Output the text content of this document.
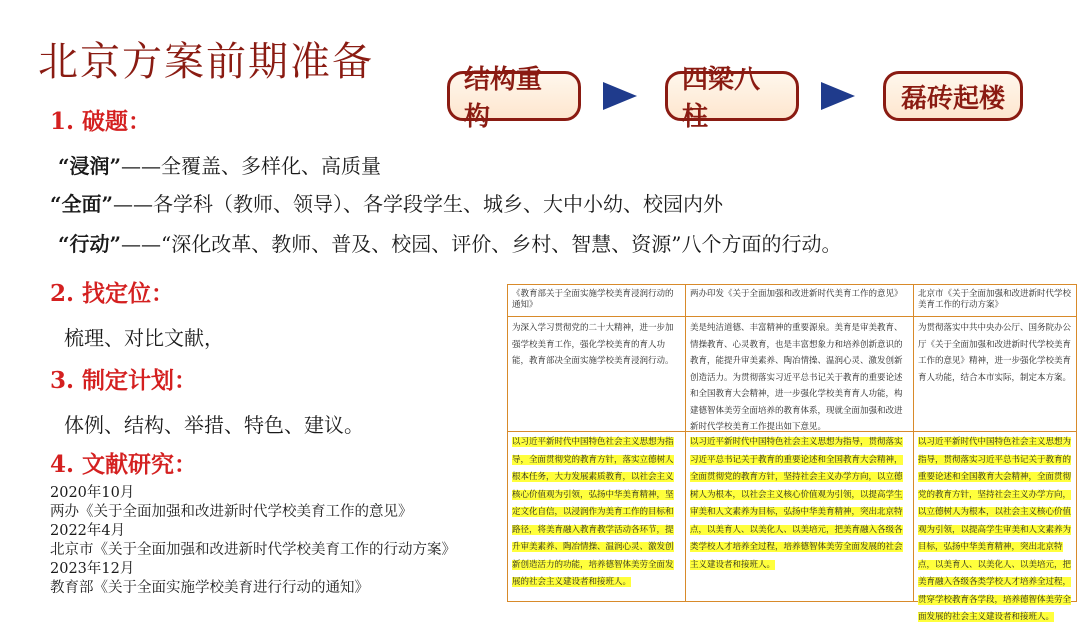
北京方案前期准备	结构重构
四梁八柱
磊砖起楼
1. 破题：
“浸润”——全覆盖、多样化、高质量
“全面”——各学科（教师、领导）、各学段学生、城乡、大中小幼、校园内外
“行动”——“深化改革、教师、普及、校园、评价、乡村、智慧、资源”八个方面的行动。
2. 找定位：
梳理、对比文献，
3. 制定计划：
体例、结构、举措、特色、建议。
4. 文献研究：
2020年10月
两办《关于全面加强和改进新时代学校美育工作的意见》
2022年4月
北京市《关于全面加强和改进新时代学校美育工作的行动方案》
2023年12月
教育部《关于全面实施学校美育进行行动的通知》
《教育部关于全面实施学校美育浸润行动的通知》
为深入学习贯彻党的二十大精神，进一步加强学校美育工作，强化学校美育的育人功能，教育部决全面实施学校美育浸润行动。
以习近平新时代中国特色社会主义思想为指导，全面贯彻党的教育方针，落实立德树人根本任务，大力发展素质教育，以社会主义核心价值观为引领，弘扬中华美育精神，坚定文化自信，以浸润作为美育工作的目标和路径，将美育融入教育教学活动各环节，提升审美素养、陶冶情操、温润心灵、激发创新创造活力的功能，培养德智体美劳全面发展的社会主义建设者和接班人。
两办印发《关于全面加强和改进新时代美育工作的意见》
美是纯洁道德、丰富精神的重要源泉。美育是审美教育、情操教育、心灵教育，也是丰富想象力和培养创新意识的教育，能提升审美素养、陶冶情操、温润心灵、激发创新创造活力。为贯彻落实习近平总书记关于教育的重要论述和全国教育大会精神，进一步强化学校美育育人功能，构建德智体美劳全面培养的教育体系，现就全面加强和改进新时代学校美育工作提出如下意见。
以习近平新时代中国特色社会主义思想为指导，贯彻落实习近平总书记关于教育的重要论述和全国教育大会精神，全面贯彻党的教育方针，坚持社会主义办学方向，以立德树人为根本，以社会主义核心价值观为引领，以提高学生审美和人文素养为目标，弘扬中华美育精神，突出北京特点，以美育人、以美化人、以美培元，把美育融入各级各类学校人才培养全过程，培养德智体美劳全面发展的社会主义建设者和接班人。
北京市《关于全面加强和改进新时代学校美育工作的行动方案》
为贯彻落实中共中央办公厅、国务院办公厅《关于全面加强和改进新时代学校美育工作的意见》精神，进一步强化学校美育育人功能，结合本市实际，制定本方案。
以习近平新时代中国特色社会主义思想为指导，贯彻落实习近平总书记关于教育的重要论述和全国教育大会精神，全面贯彻党的教育方针，坚持社会主义办学方向，以立德树人为根本，以社会主义核心价值观为引领，以提高学生审美和人文素养为目标，弘扬中华美育精神，突出北京特点，以美育人、以美化人、以美培元，把美育融入各级各类学校人才培养全过程，贯穿学校教育各学段，培养德智体美劳全面发展的社会主义建设者和接班人。
